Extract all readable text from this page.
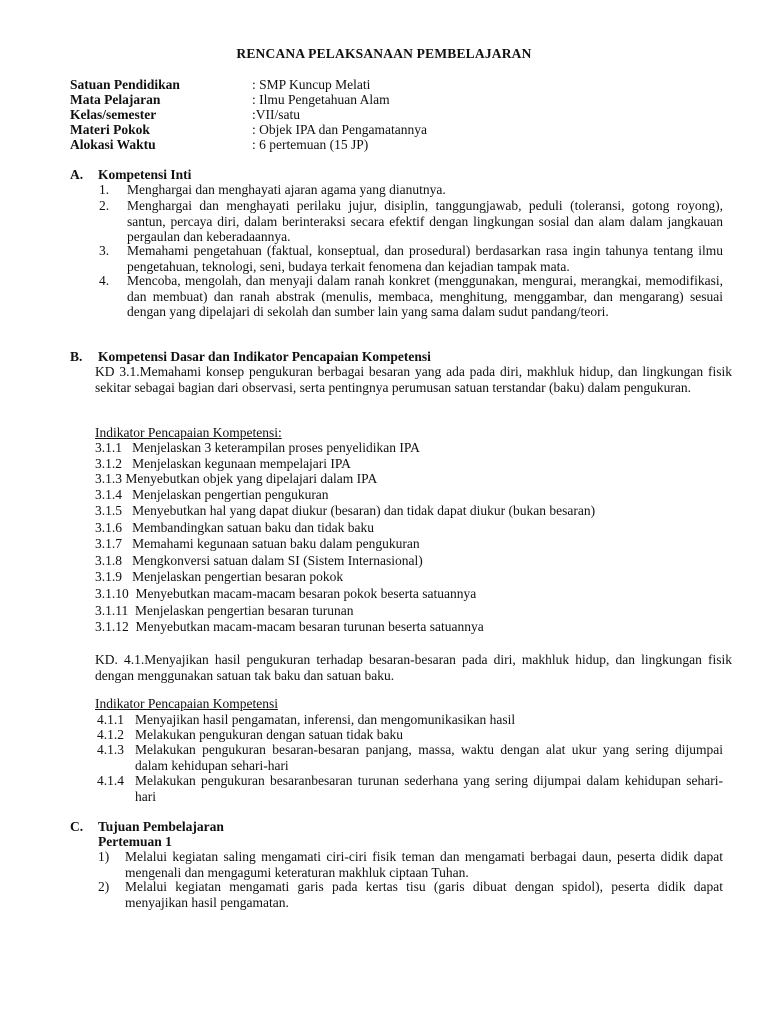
RENCANA PELAKSANAAN PEMBELAJARAN
Satuan Pendidikan	: SMP Kuncup Melati
Mata Pelajaran	: Ilmu Pengetahuan Alam
Kelas/semester	:VII/satu
Materi Pokok	: Objek IPA dan Pengamatannya
Alokasi Waktu	: 6 pertemuan (15 JP)
A. Kompetensi Inti
1. Menghargai dan menghayati ajaran agama yang dianutnya.
2. Menghargai dan menghayati perilaku jujur, disiplin, tanggungjawab, peduli (toleransi, gotong royong), santun, percaya diri, dalam berinteraksi secara efektif dengan lingkungan sosial dan alam dalam jangkauan pergaulan dan keberadaannya.
3. Memahami pengetahuan (faktual, konseptual, dan prosedural) berdasarkan rasa ingin tahunya tentang ilmu pengetahuan, teknologi, seni, budaya terkait fenomena dan kejadian tampak mata.
4. Mencoba, mengolah, dan menyaji dalam ranah konkret (menggunakan, mengurai, merangkai, memodifikasi, dan membuat) dan ranah abstrak (menulis, membaca, menghitung, menggambar, dan mengarang) sesuai dengan yang dipelajari di sekolah dan sumber lain yang sama dalam sudut pandang/teori.
B. Kompetensi Dasar dan Indikator Pencapaian Kompetensi
KD 3.1.Memahami konsep pengukuran berbagai besaran yang ada pada diri, makhluk hidup, dan lingkungan fisik sekitar sebagai bagian dari observasi, serta pentingnya perumusan satuan terstandar (baku) dalam pengukuran.
Indikator Pencapaian Kompetensi:
3.1.1   Menjelaskan 3 keterampilan proses penyelidikan IPA
3.1.2   Menjelaskan kegunaan mempelajari IPA
3.1.3 Menyebutkan objek yang dipelajari dalam IPA
3.1.4   Menjelaskan pengertian pengukuran
3.1.5   Menyebutkan hal yang dapat diukur (besaran) dan tidak dapat diukur (bukan besaran)
3.1.6   Membandingkan satuan baku dan tidak baku
3.1.7   Memahami kegunaan satuan baku dalam pengukuran
3.1.8   Mengkonversi satuan dalam SI (Sistem Internasional)
3.1.9   Menjelaskan pengertian besaran pokok
3.1.10  Menyebutkan macam-macam besaran pokok beserta satuannya
3.1.11  Menjelaskan pengertian besaran turunan
3.1.12  Menyebutkan macam-macam besaran turunan beserta satuannya
KD. 4.1.Menyajikan hasil pengukuran terhadap besaran-besaran pada diri, makhluk hidup, dan lingkungan fisik dengan menggunakan satuan tak baku dan satuan baku.
Indikator Pencapaian Kompetensi
4.1.1 Menyajikan hasil pengamatan, inferensi, dan mengomunikasikan hasil
4.1.2 Melakukan pengukuran dengan satuan tidak baku
4.1.3 Melakukan pengukuran besaran-besaran panjang, massa, waktu dengan alat ukur yang sering dijumpai dalam kehidupan sehari-hari
4.1.4 Melakukan pengukuran besaranbesaran turunan sederhana yang sering dijumpai dalam kehidupan sehari-hari
C. Tujuan Pembelajaran
Pertemuan 1
1) Melalui kegiatan saling mengamati ciri-ciri fisik teman dan mengamati berbagai daun, peserta didik dapat mengenali dan mengagumi keteraturan makhluk ciptaan Tuhan.
2) Melalui kegiatan mengamati garis pada kertas tisu (garis dibuat dengan spidol), peserta didik dapat menyajikan hasil pengamatan.
